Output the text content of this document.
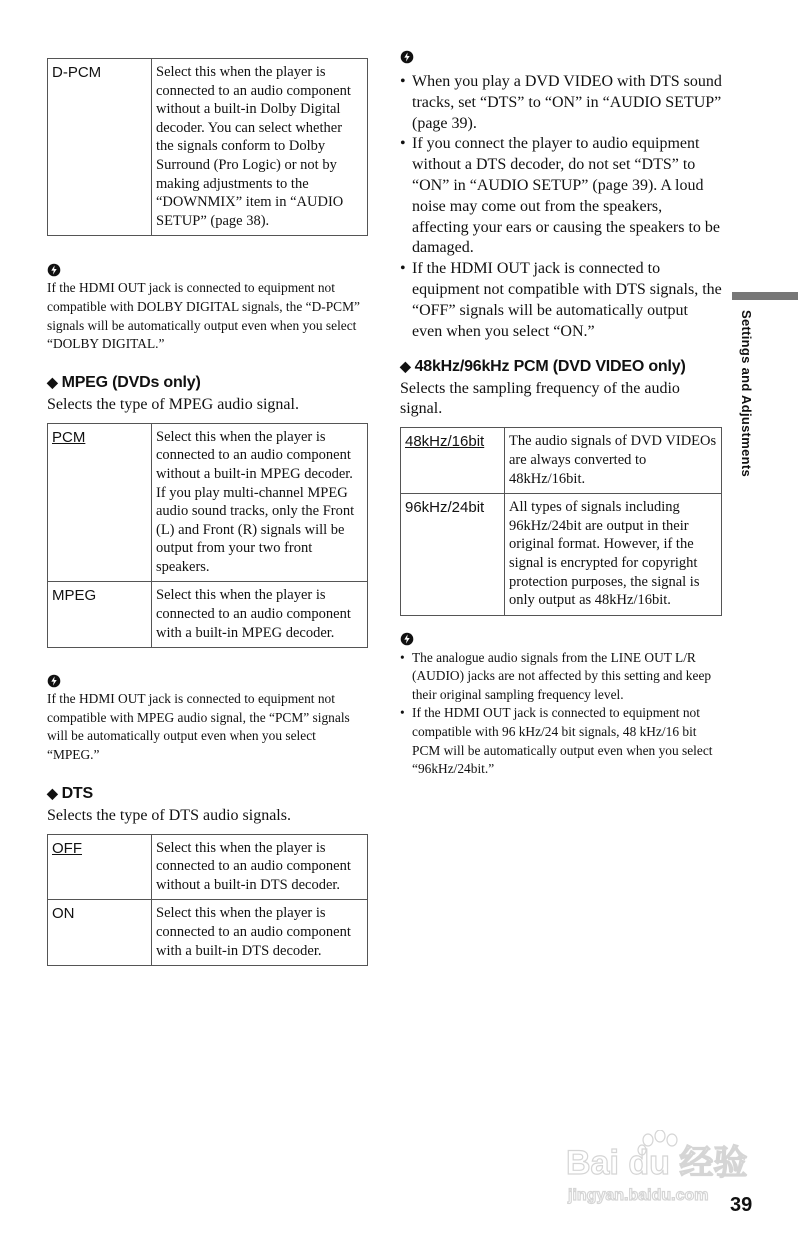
D-PCM	Select this when the player is connected to an audio component without a built-in Dolby Digital decoder. You can select whether the signals conform to Dolby Surround (Pro Logic) or not by making adjustments to the “DOWNMIX” item in “AUDIO SETUP” (page 38).

If the HDMI OUT jack is connected to equipment not compatible with DOLBY DIGITAL signals, the “D-PCM” signals will be automatically output even when you select “DOLBY DIGITAL.”

◆ MPEG (DVDs only)

Selects the type of MPEG audio signal.

PCM	Select this when the player is connected to an audio component without a built-in MPEG decoder. If you play multi-channel MPEG audio sound tracks, only the Front (L) and Front (R) signals will be output from your two front speakers.
MPEG	Select this when the player is connected to an audio component with a built-in MPEG decoder.

If the HDMI OUT jack is connected to equipment not compatible with MPEG audio signal, the “PCM” signals will be automatically output even when you select “MPEG.”

◆ DTS

Selects the type of DTS audio signals.

OFF	Select this when the player is connected to an audio component without a built-in DTS decoder.
ON	Select this when the player is connected to an audio component with a built-in DTS decoder.
• When you play a DVD VIDEO with DTS sound tracks, set “DTS” to “ON” in “AUDIO SETUP” (page 39).
• If you connect the player to audio equipment without a DTS decoder, do not set “DTS” to “ON” in “AUDIO SETUP” (page 39). A loud noise may come out from the speakers, affecting your ears or causing the speakers to be damaged.
• If the HDMI OUT jack is connected to equipment not compatible with DTS signals, the “OFF” signals will be automatically output even when you select “ON.”
◆ 48kHz/96kHz PCM (DVD VIDEO only)

Selects the sampling frequency of the audio signal.

48kHz/16bit	The audio signals of DVD VIDEOs are always converted to 48kHz/16bit.
96kHz/24bit	All types of signals including 96kHz/24bit are output in their original format. However, if the signal is encrypted for copyright protection purposes, the signal is only output as 48kHz/16bit.
• The analogue audio signals from the LINE OUT L/R (AUDIO) jacks are not affected by this setting and keep their original sampling frequency level.
• If the HDMI OUT jack is connected to equipment not compatible with 96 kHz/24 bit signals, 48 kHz/16 bit PCM will be automatically output even when you select “96kHz/24bit.”
Settings and Adjustments
Bai du 经验
jingyan.baidu.com 39
